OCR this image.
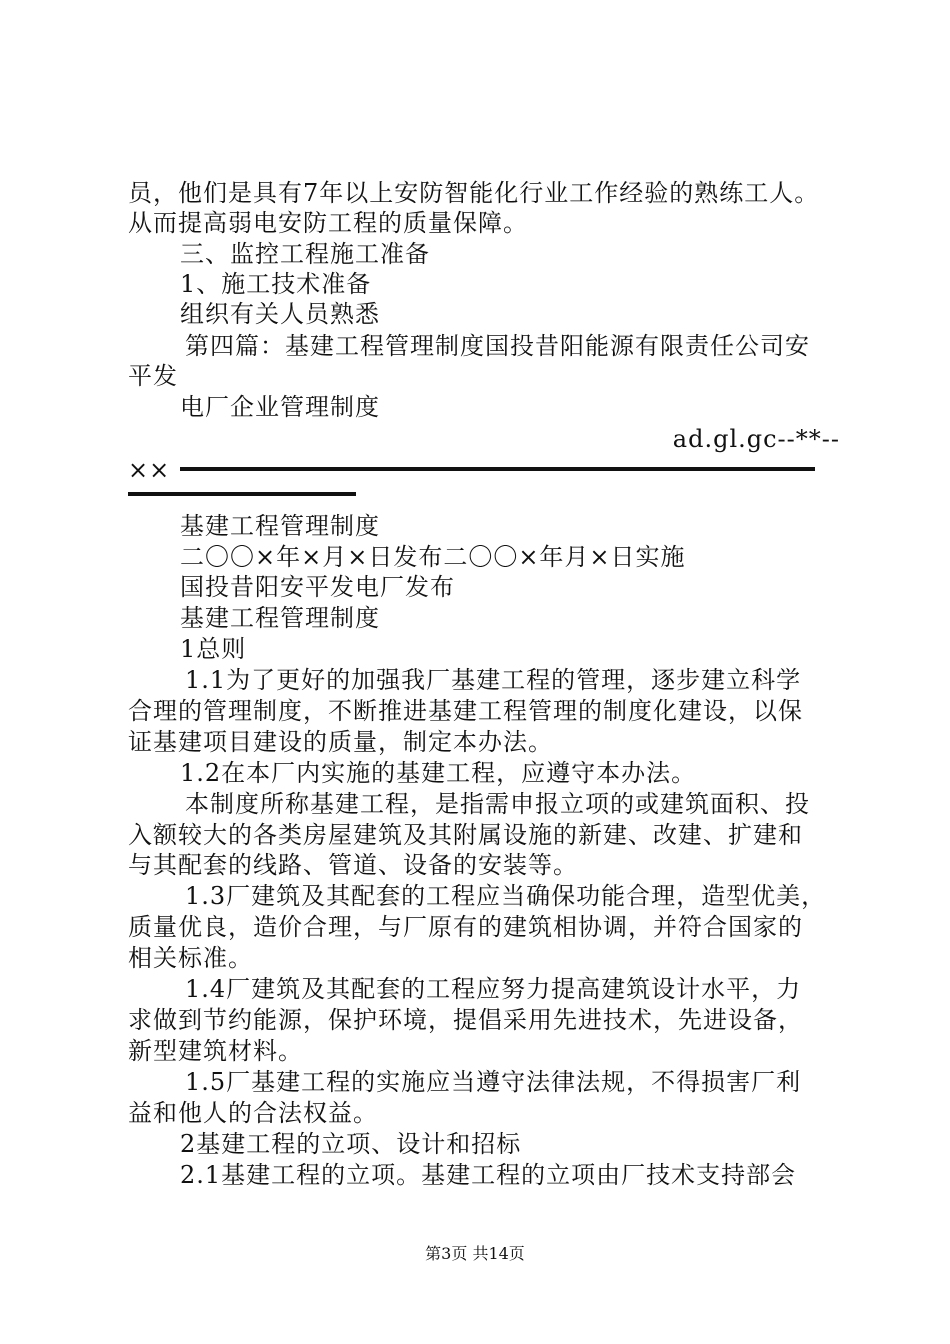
员，他们是具有7年以上安防智能化行业工作经验的熟练工人。
从而提高弱电安防工程的质量保障。
三、监控工程施工准备
1、施工技术准备
组织有关人员熟悉
第四篇：基建工程管理制度国投昔阳能源有限责任公司安
平发
电厂企业管理制度
ad.gl.gc--**--
××
基建工程管理制度
二〇〇×年×月×日发布二〇〇×年月×日实施
国投昔阳安平发电厂发布
基建工程管理制度
1总则
1.1为了更好的加强我厂基建工程的管理，逐步建立科学
合理的管理制度，不断推进基建工程管理的制度化建设，以保
证基建项目建设的质量，制定本办法。
1.2在本厂内实施的基建工程，应遵守本办法。
本制度所称基建工程，是指需申报立项的或建筑面积、投
入额较大的各类房屋建筑及其附属设施的新建、改建、扩建和
与其配套的线路、管道、设备的安装等。
1.3厂建筑及其配套的工程应当确保功能合理，造型优美，
质量优良，造价合理，与厂原有的建筑相协调，并符合国家的
相关标准。
1.4厂建筑及其配套的工程应努力提高建筑设计水平，力
求做到节约能源，保护环境，提倡采用先进技术，先进设备，
新型建筑材料。
1.5厂基建工程的实施应当遵守法律法规，不得损害厂利
益和他人的合法权益。
2基建工程的立项、设计和招标
2.1基建工程的立项。基建工程的立项由厂技术支持部会
第3页 共14页
